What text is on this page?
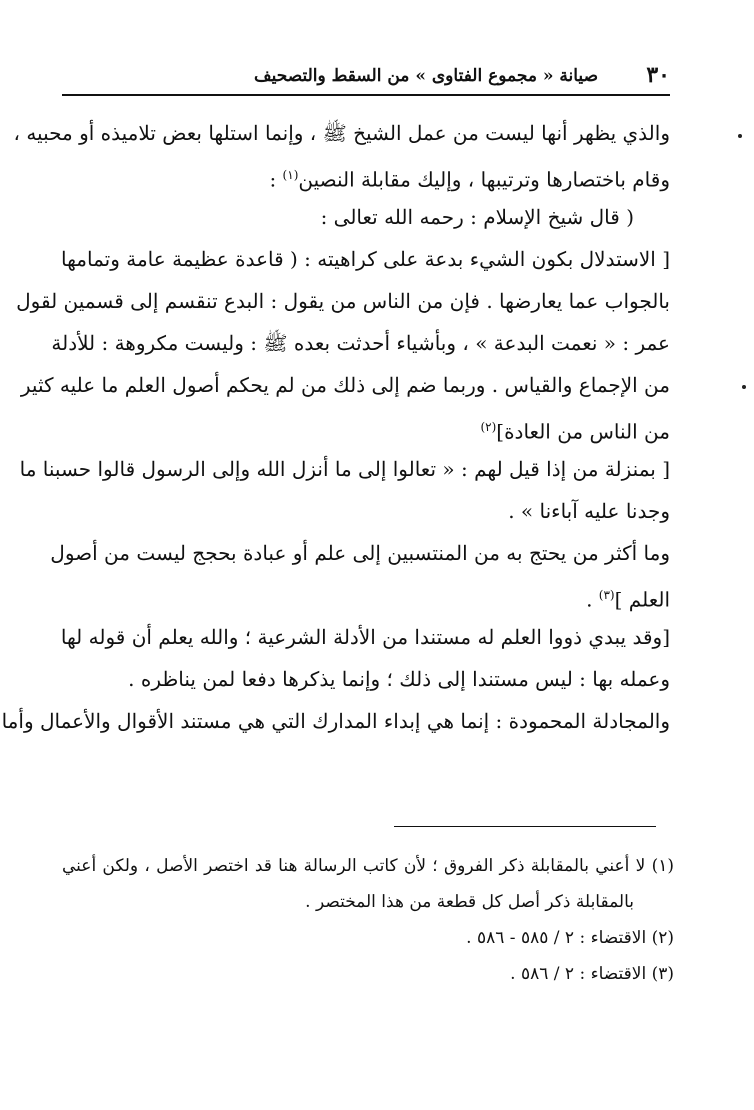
٣٠
صيانة « مجموع الفتاوى » من السقط والتصحيف
والذي يظهر أنها ليست من عمل الشيخ ﷺ ، وإنما استلها بعض تلاميذه أو محبيه ،
وقام باختصارها وترتيبها ، وإليك مقابلة النصين$^{(١)}$ :
( قال شيخ الإسلام : رحمه الله تعالى :
[ الاستدلال بكون الشيء بدعة على كراهيته : ( قاعدة عظيمة عامة وتمامها
بالجواب عما يعارضها . فإن من الناس من يقول : البدع تنقسم إلى قسمين لقول
عمر : « نعمت البدعة » ، وبأشياء أحدثت بعده ﷺ : وليست مكروهة : للأدلة
من الإجماع والقياس . وربما ضم إلى ذلك من لم يحكم أصول العلم ما عليه كثير
من الناس من العادة]$^{(٢)}$
[ بمنزلة من إذا قيل لهم : « تعالوا إلى ما أنزل الله وإلى الرسول قالوا حسبنا ما
وجدنا عليه آباءنا » .
وما أكثر من يحتج به من المنتسبين إلى علم أو عبادة بحجج ليست من أصول
العلم ]$^{(٣)}$ .
[وقد يبدي ذووا العلم له مستندا من الأدلة الشرعية ؛ والله يعلم أن قوله لها
وعمله بها : ليس مستندا إلى ذلك ؛ وإنما يذكرها دفعا لمن يناظره .
والمجادلة المحمودة : إنما هي إبداء المدارك التي هي مستند الأقوال والأعمال وأما
(١) لا أعني بالمقابلة ذكر الفروق ؛ لأن كاتب الرسالة هنا قد اختصر الأصل ، ولكن أعني
بالمقابلة ذكر أصل كل قطعة من هذا المختصر .
(٢) الاقتضاء : ٢ / ٥٨٥ - ٥٨٦ .
(٣) الاقتضاء : ٢ / ٥٨٦ .
